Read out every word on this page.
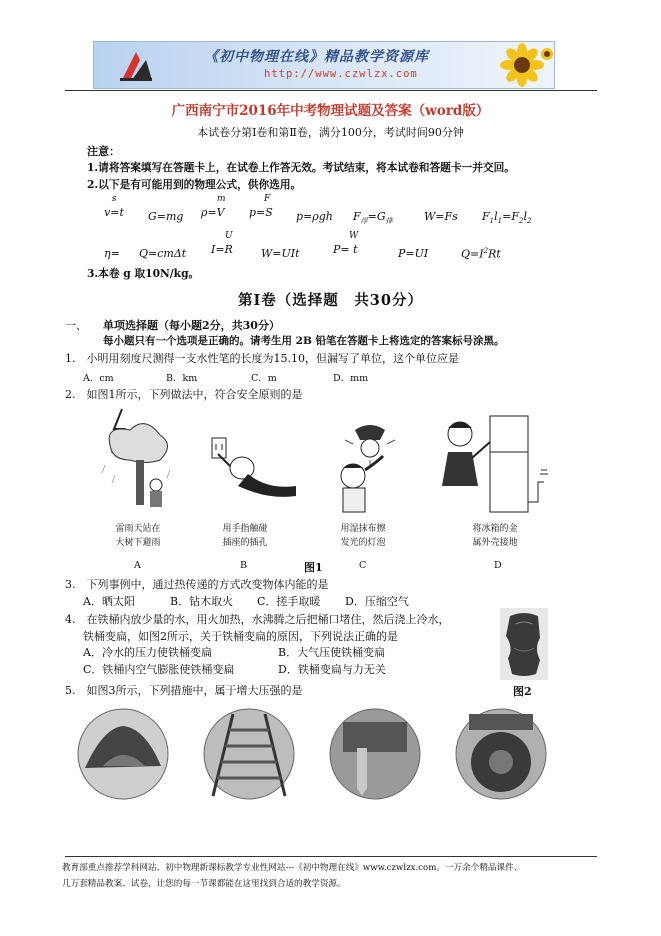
《初中物理在线》精品教学资源库
http://www.czwlzx.com
广西南宁市2016年中考物理试题及答案（word版）
本试卷分第Ⅰ卷和第Ⅱ卷，满分100分，考试时间90分钟
注意：
1.请将答案填写在答题卡上，在试卷上作答无效。考试结束，将本试卷和答题卡一并交回。
2.以下是有可能用到的物理公式，供你选用。
s
v=t G=mg
m
ρ=V
F
p=S p=ρgh $F_浮=G_排$	W=Fs $F_1l_1=F_2l_2$
η= Q=cmΔt
U
I=R	W=UIt
W
P= t	P=UI	$Q=I^2Rt$
3.本卷 g 取10N/kg。
第Ⅰ卷（选择题　共30分）
一、 单项选择题（每小题2分，共30分）
每小题只有一个选项是正确的。请考生用 2B 铅笔在答题卡上将选定的答案标号涂黑。
1.　小明用刻度尺测得一支水性笔的长度为15.10，但漏写了单位，这个单位应是
A．cm	B．km	C．m	D．mm
2.　如图1所示，下列做法中，符合安全原则的是
雷雨天站在
大树下避雨
用手指触碰
插座的插孔
用湿抹布擦
发光的灯泡
将冰箱的金
属外壳接地
A	B	图1	C	D
3.　下列事例中，通过热传递的方式改变物体内能的是
A．晒太阳	B．钻木取火 C．搓手取暖 D．压缩空气
4.　在铁桶内放少量的水，用火加热，水沸腾之后把桶口堵住，然后浇上冷水，
铁桶变扁，如图2所示，关于铁桶变扁的原因，下列说法正确的是
A．冷水的压力使铁桶变扁	B．大气压使铁桶变扁
C．铁桶内空气膨胀使铁桶变扁	D．铁桶变扁与力无关
图2
5.　如图3所示，下列措施中，属于增大压强的是
教育部重点推荐学科网站、初中物理新课标教学专业性网站---《初中物理在线》www.czwlzx.com。一万余个精品课件、
几万套精品教案、试卷，让您的每一节课都能在这里找到合适的教学资源。
